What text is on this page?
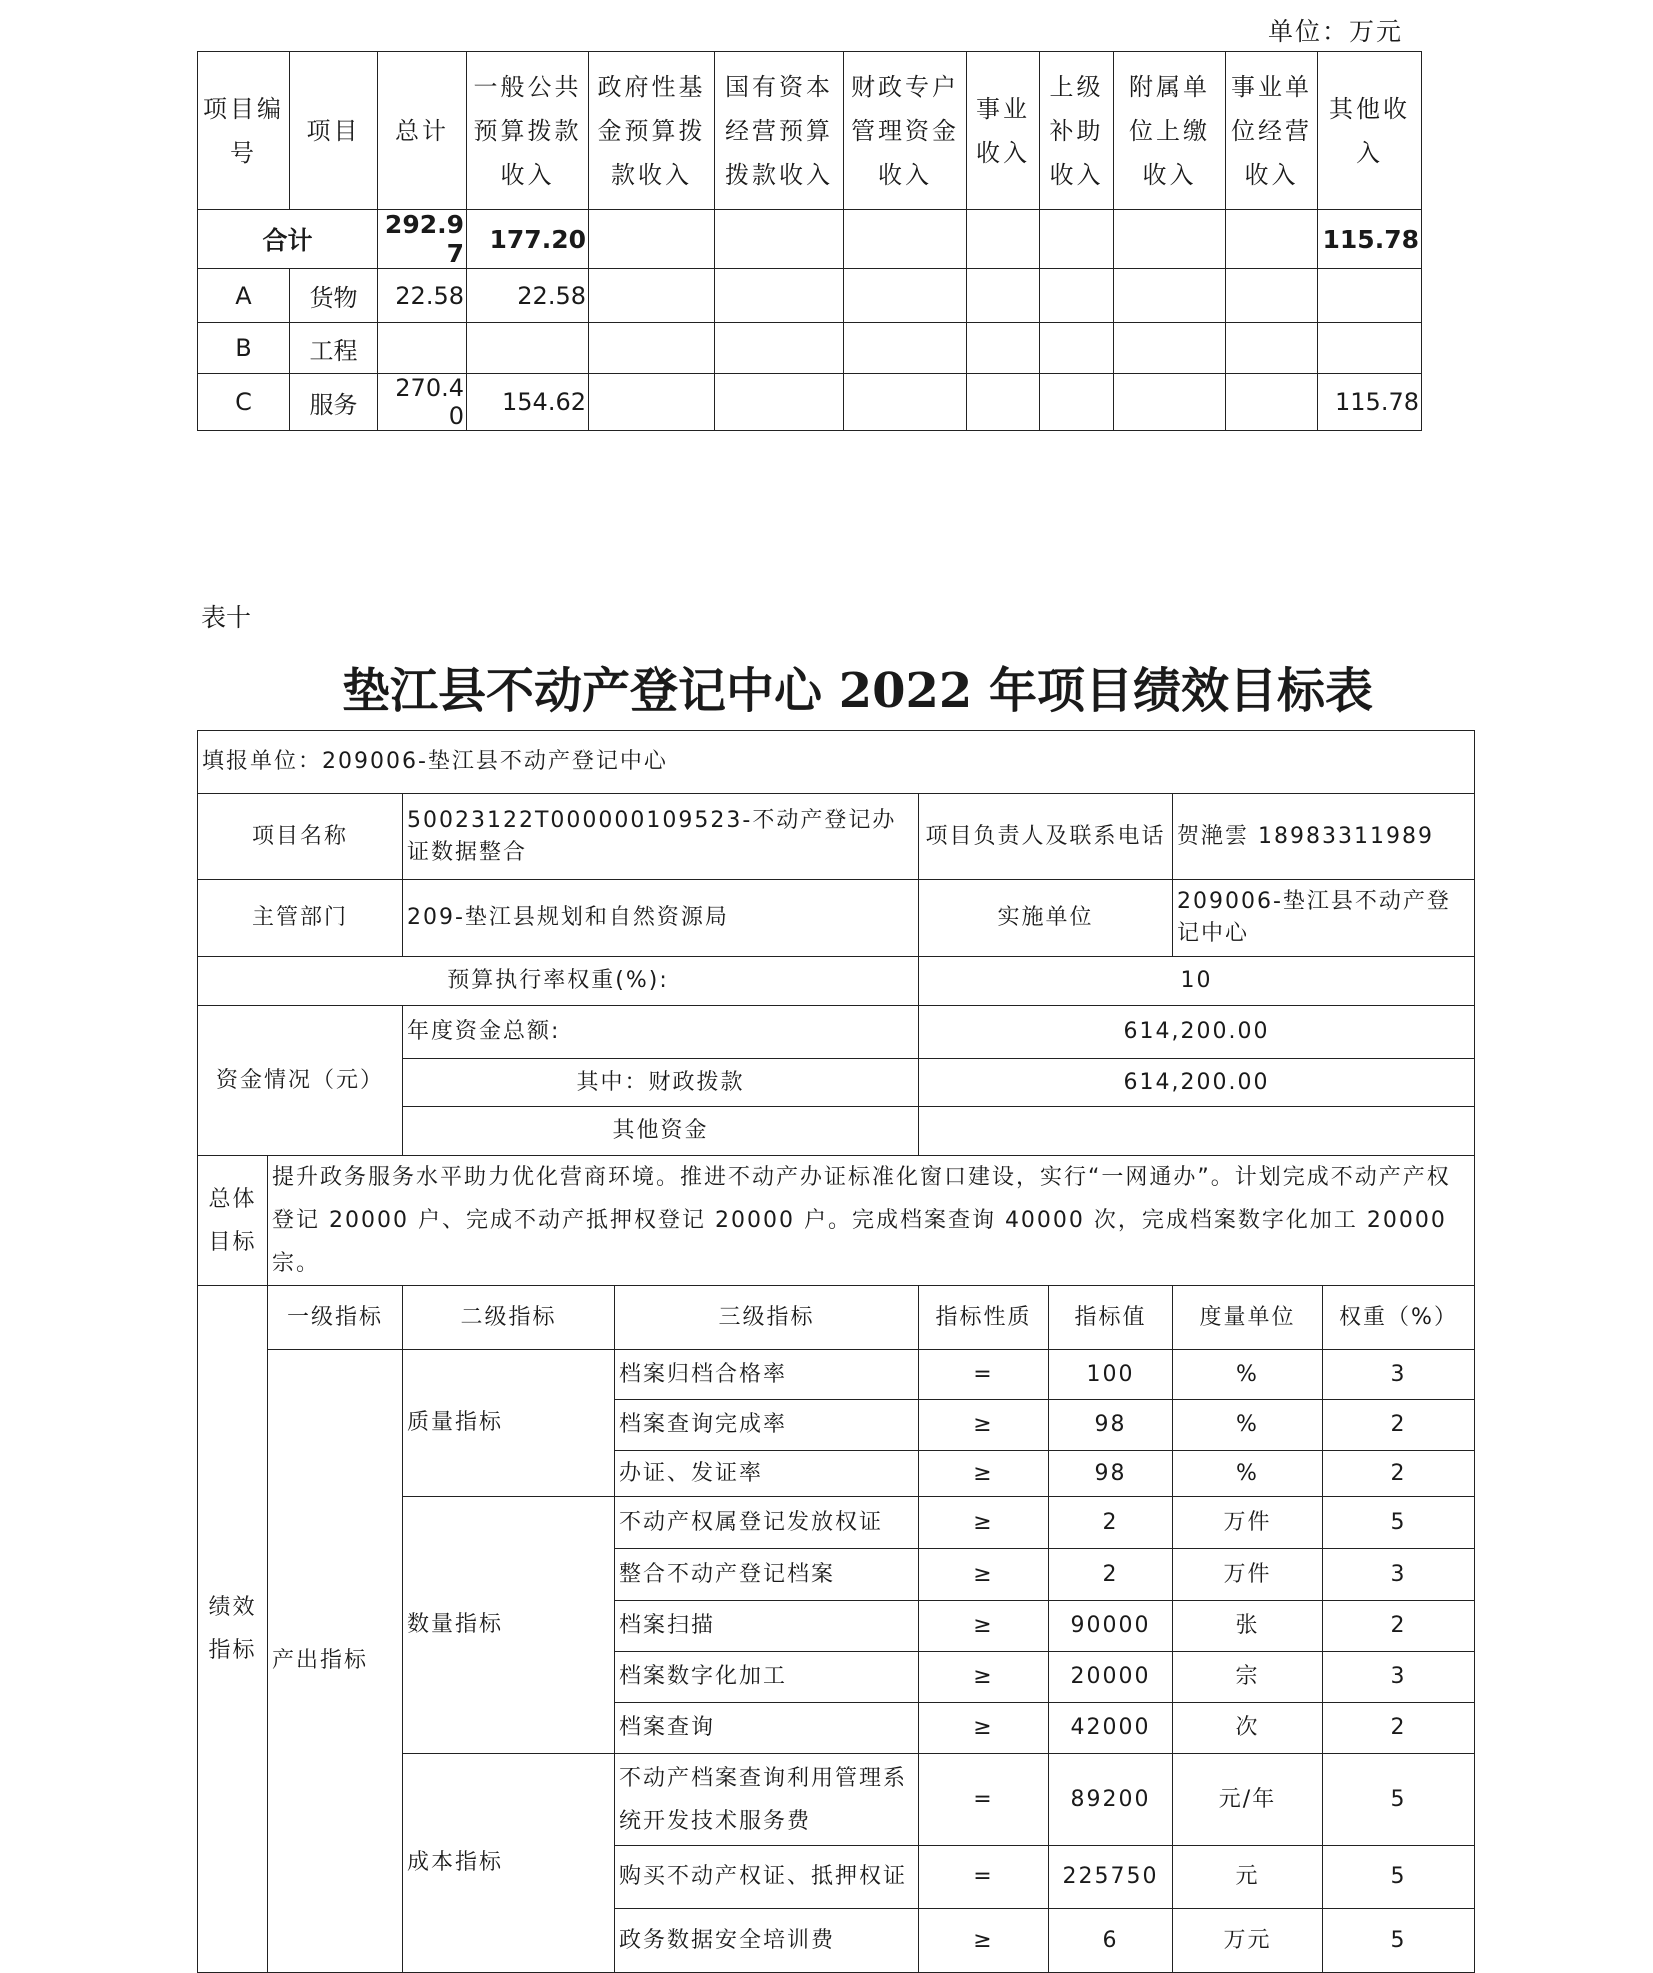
单位：万元
项目编号	项目	总计	一般公共预算拨款收入	政府性基金预算拨款收入	国有资本经营预算拨款收入	财政专户管理资金收入	事业收入	上级补助收入	附属单位上缴收入	事业单位经营收入	其他收入
合计		292.97	177.20								115.78
A	货物	22.58	22.58								
B	工程										
C	服务	270.40	154.62								115.78
表十
垫江县不动产登记中心 2022 年项目绩效目标表
填报单位：209006-垫江县不动产登记中心							
项目名称		50023122T000000109523-不动产登记办证数据整合		项目负责人及联系电话		贺滟雲 18983311989	
主管部门		209-垫江县规划和自然资源局		实施单位		209006-垫江县不动产登记中心	
预算执行率权重(%):				10			
资金情况（元）		年度资金总额:		614,200.00			
		其中：财政拨款		614,200.00			
		其他资金					
总体目标	提升政务服务水平助力优化营商环境。推进不动产办证标准化窗口建设，实行“一网通办”。计划完成不动产产权登记 20000 户、完成不动产抵押权登记 20000 户。完成档案查询 40000 次，完成档案数字化加工 20000 宗。						
绩效指标	一级指标	二级指标	三级指标	指标性质	指标值	度量单位	权重（%）
	产出指标	质量指标	档案归档合格率	=	100	%	3
			档案查询完成率	≥	98	%	2
			办证、发证率	≥	98	%	2
		数量指标	不动产权属登记发放权证	≥	2	万件	5
			整合不动产登记档案	≥	2	万件	3
			档案扫描	≥	90000	张	2
			档案数字化加工	≥	20000	宗	3
			档案查询	≥	42000	次	2
		成本指标	不动产档案查询利用管理系统开发技术服务费	=	89200	元/年	5
			购买不动产权证、抵押权证	=	225750	元	5
			政务数据安全培训费	≥	6	万元	5
